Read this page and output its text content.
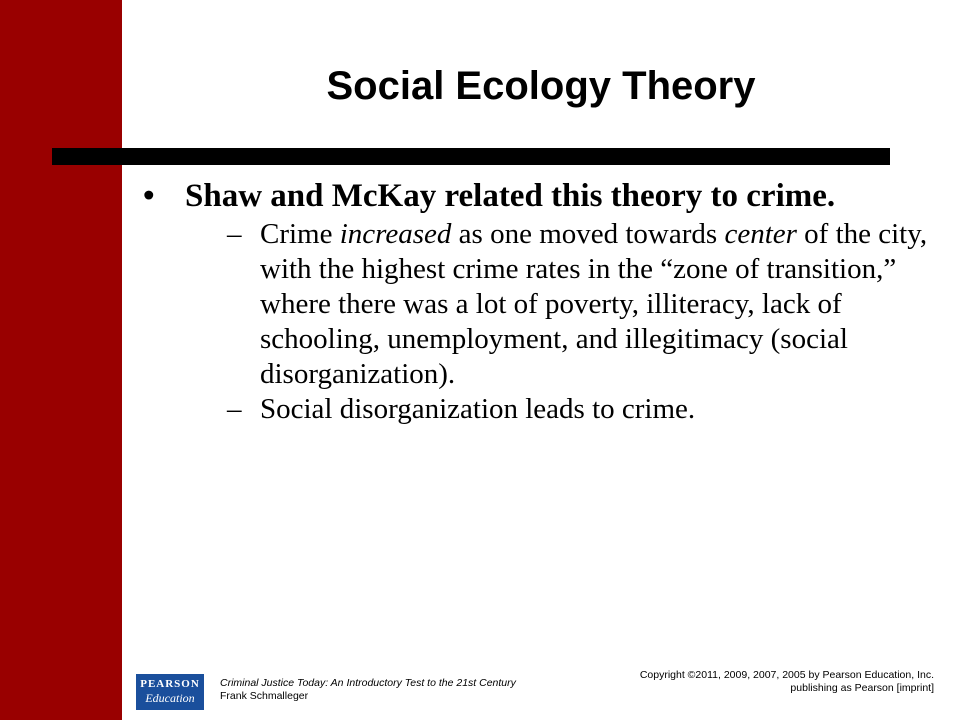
Social Ecology Theory
• Shaw and McKay related this theory to crime.
– Crime increased as one moved towards center of the city, with the highest crime rates in the “zone of transition,” where there was a lot of poverty, illiteracy, lack of schooling, unemployment, and illegitimacy (social disorganization).
– Social disorganization leads to crime.
PEARSON
Education
Criminal Justice Today: An Introductory Test to the 21st Century
Frank Schmalleger
Copyright ©2011, 2009, 2007, 2005 by Pearson Education, Inc.
publishing as Pearson [imprint]
